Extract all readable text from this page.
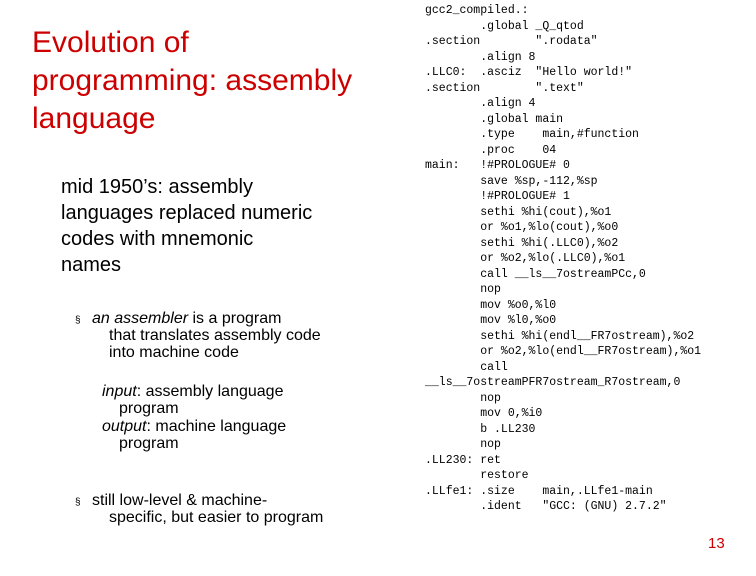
Evolution of
programming: assembly
language
mid 1950’s: assembly
languages replaced numeric
codes with mnemonic
names
§ an assembler is a program
that translates assembly code
into machine code
input: assembly language
program
output: machine language
program
§ still low-level & machine-
specific, but easier to program
gcc2_compiled.:
.global _Q_qtod
.section        ".rodata"
.align 8
.LLC0:  .asciz  "Hello world!"
.section        ".text"
.align 4
.global main
.type    main,#function
.proc    04
main:   !#PROLOGUE# 0
save %sp,-112,%sp
!#PROLOGUE# 1
sethi %hi(cout),%o1
or %o1,%lo(cout),%o0
sethi %hi(.LLC0),%o2
or %o2,%lo(.LLC0),%o1
call __ls__7ostreamPCc,0
nop
mov %o0,%l0
mov %l0,%o0
sethi %hi(endl__FR7ostream),%o2
or %o2,%lo(endl__FR7ostream),%o1
call
__ls__7ostreamPFR7ostream_R7ostream,0
nop
mov 0,%i0
b .LL230
nop
.LL230: ret
restore
.LLfe1: .size    main,.LLfe1-main
.ident   "GCC: (GNU) 2.7.2"
13
